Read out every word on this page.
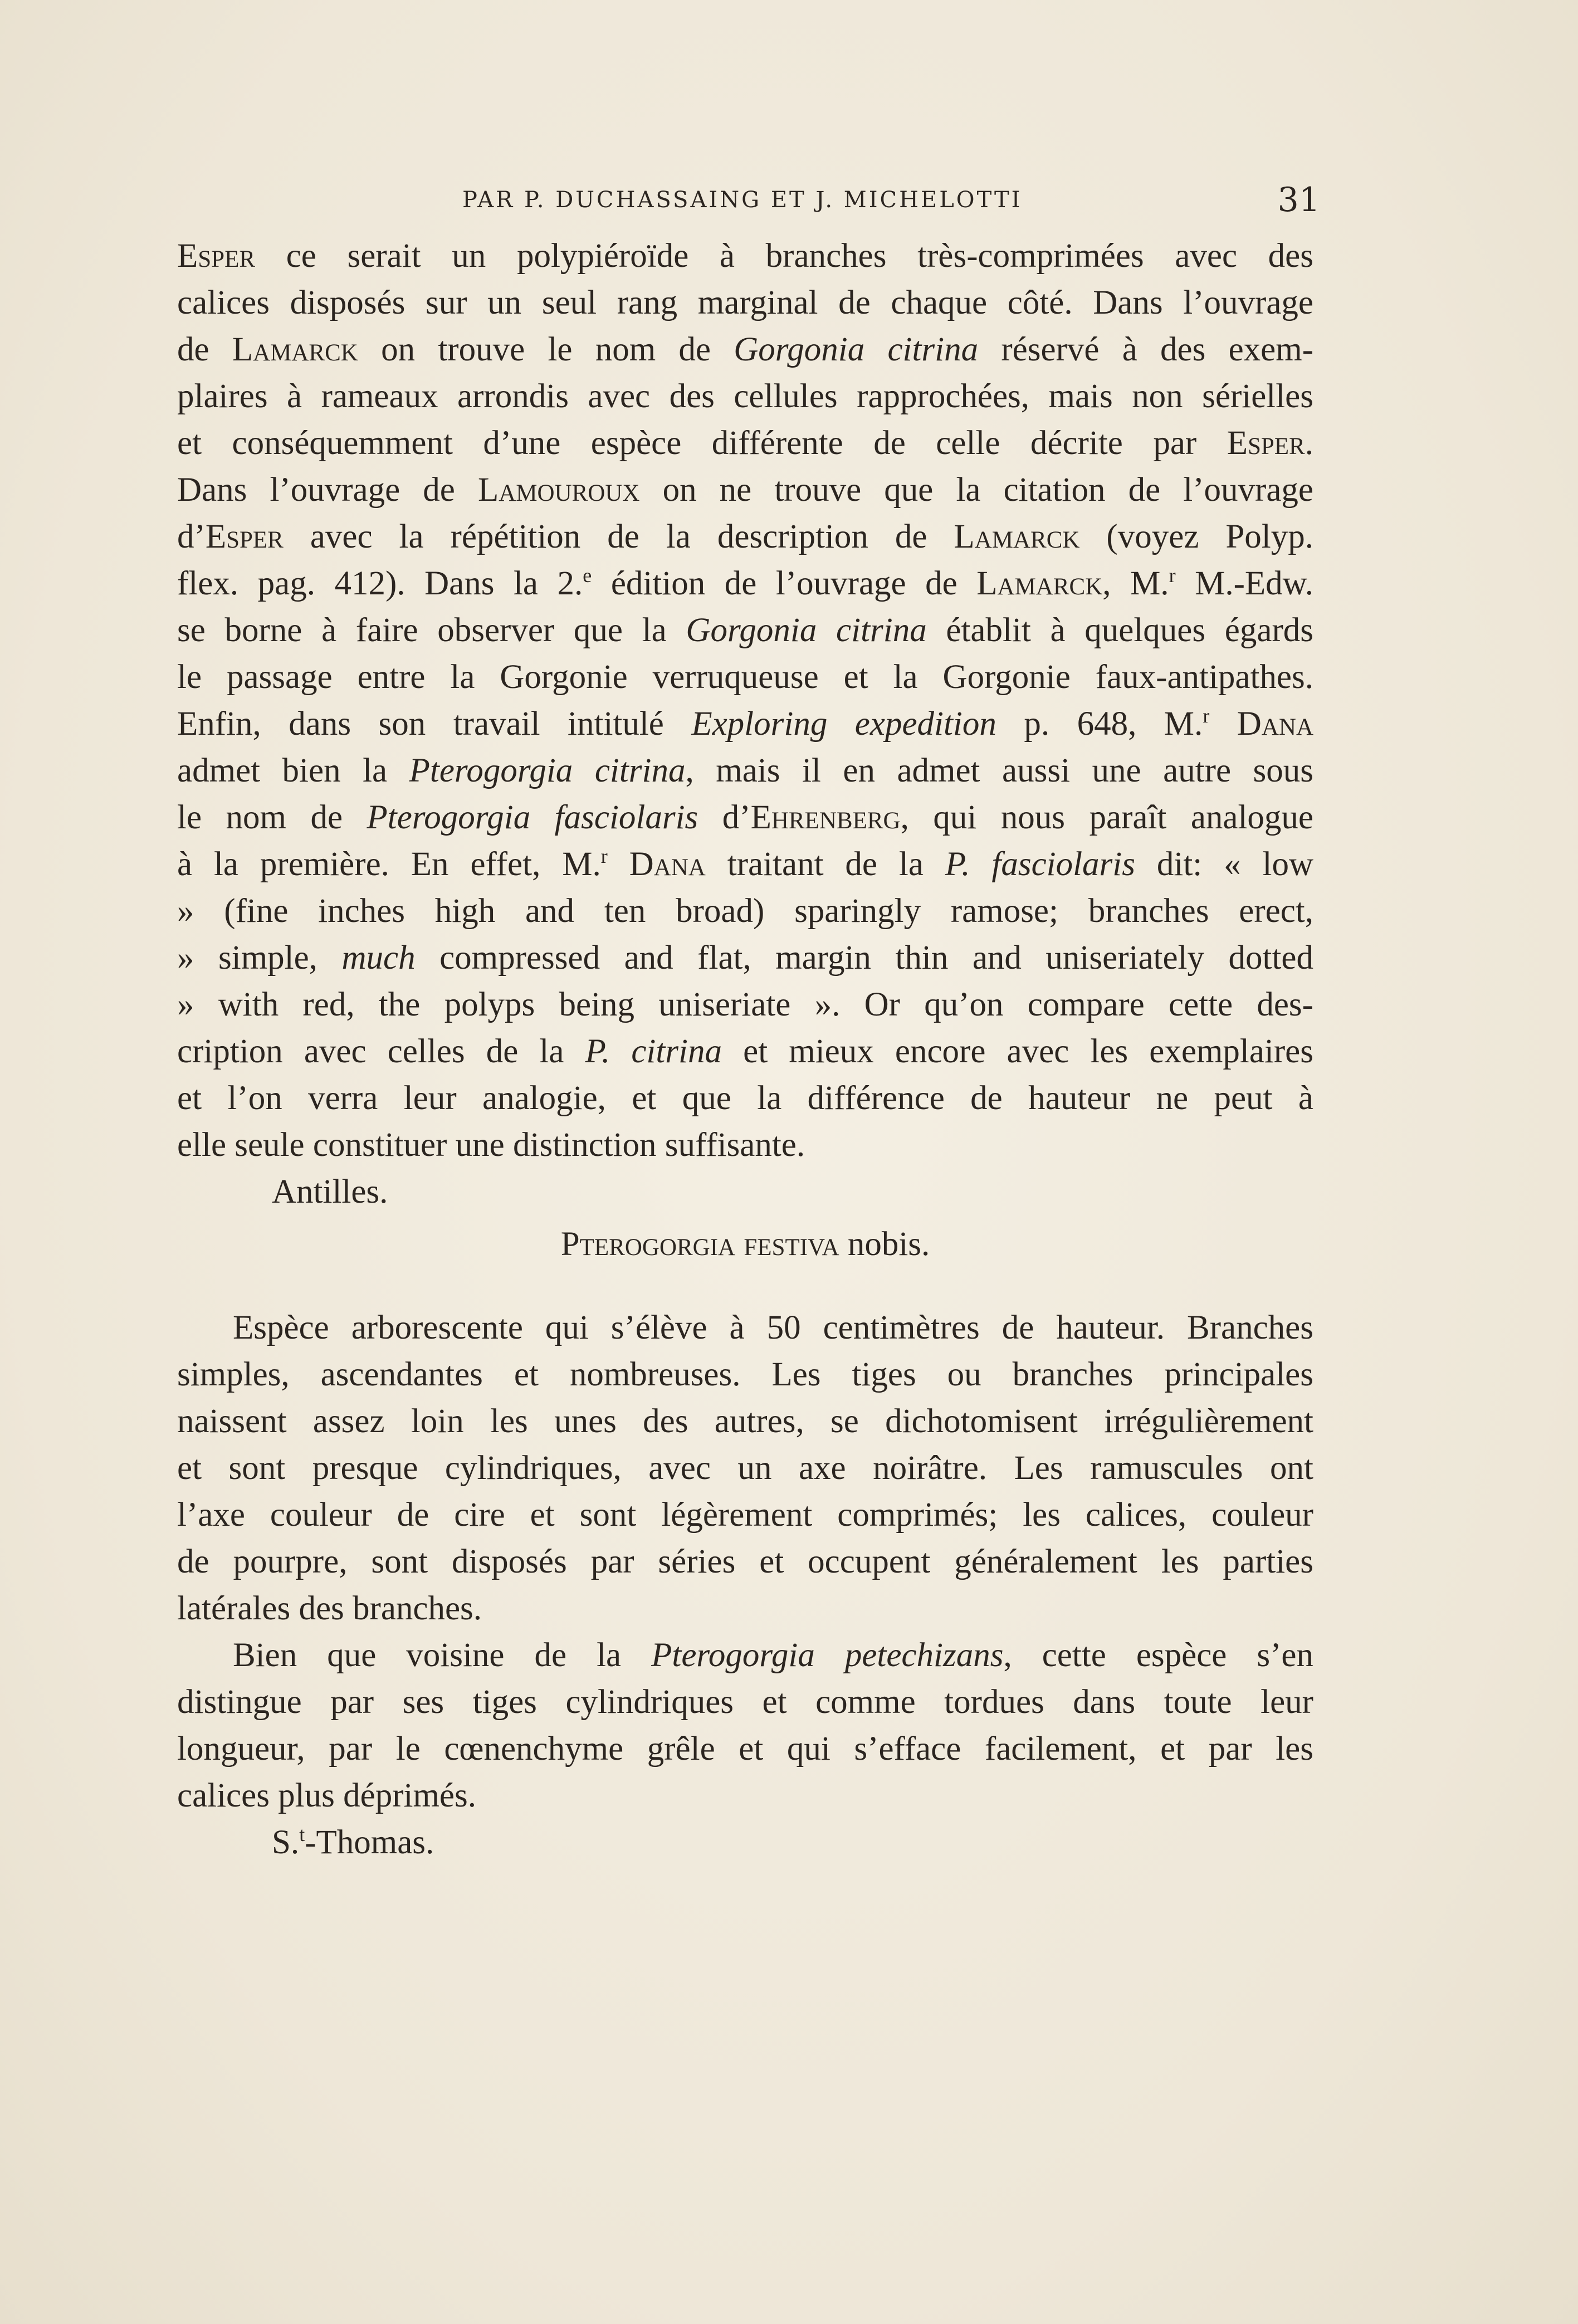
PAR P. DUCHASSAING ET J. MICHELOTTI	31
Esper ce serait un polypiéroïde à branches très-comprimées avec des
calices disposés sur un seul rang marginal de chaque côté. Dans l’ouvrage
de Lamarck on trouve le nom de Gorgonia citrina réservé à des exem-
plaires à rameaux arrondis avec des cellules rapprochées, mais non sérielles
et conséquemment d’une espèce différente de celle décrite par Esper.
Dans l’ouvrage de Lamouroux on ne trouve que la citation de l’ouvrage
d’Esper avec la répétition de la description de Lamarck (voyez Polyp.
flex. pag. 412). Dans la 2.$^e$ édition de l’ouvrage de Lamarck, M.$^r$ M.-Edw.
se borne à faire observer que la Gorgonia citrina établit à quelques égards
le passage entre la Gorgonie verruqueuse et la Gorgonie faux-antipathes.
Enfin, dans son travail intitulé Exploring expedition p. 648, M.$^r$ Dana
admet bien la Pterogorgia citrina, mais il en admet aussi une autre sous
le nom de Pterogorgia fasciolaris d’Ehrenberg, qui nous paraît analogue
à la première. En effet, M.$^r$ Dana traitant de la P. fasciolaris dit: « low
» (fine inches high and ten broad) sparingly ramose; branches erect,
» simple, much compressed and flat, margin thin and uniseriately dotted
» with red, the polyps being uniseriate ». Or qu’on compare cette des-
cription avec celles de la P. citrina et mieux encore avec les exemplaires
et l’on verra leur analogie, et que la différence de hauteur ne peut à
elle seule constituer une distinction suffisante.
Antilles.
Pterogorgia festiva nobis.
Espèce arborescente qui s’élève à 50 centimètres de hauteur. Branches
simples, ascendantes et nombreuses. Les tiges ou branches principales
naissent assez loin les unes des autres, se dichotomisent irrégulièrement
et sont presque cylindriques, avec un axe noirâtre. Les ramuscules ont
l’axe couleur de cire et sont légèrement comprimés; les calices, couleur
de pourpre, sont disposés par séries et occupent généralement les parties
latérales des branches.
Bien que voisine de la Pterogorgia petechizans, cette espèce s’en
distingue par ses tiges cylindriques et comme tordues dans toute leur
longueur, par le cœnenchyme grêle et qui s’efface facilement, et par les
calices plus déprimés.
S.$^t$-Thomas.
